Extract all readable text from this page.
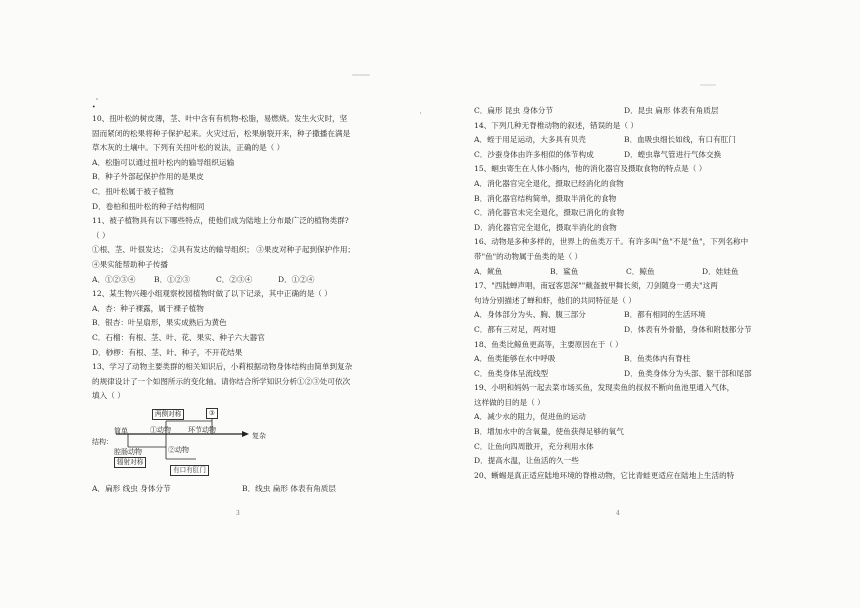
•
10、扭叶松的树皮薄，茎、叶中含有有机物-松脂，易燃烧。发生火灾时，坚
固而紧闭的松果将种子保护起来。火灾过后，松果崩裂开来，种子撒播在满是
草木灰的土壤中。下列有关扭叶松的说法，正确的是（ ）
A．松脂可以通过扭叶松内的输导组织运输
B．种子外部起保护作用的是果皮
C．扭叶松属于被子植物
D．卷柏和扭叶松的种子结构相同
11、被子植物具有以下哪些特点，使他们成为陆地上分布最广泛的植物类群?
（ ）
①根、茎、叶很发达； ②具有发达的输导组织； ③果皮对种子起到保护作用；
④果实能帮助种子传播
A．①②③④	B．①②③	C．②③④	D．①②④
12、某生物兴趣小组观察校园植物时做了以下记录，其中正确的是（ ）
A．杏：种子裸露，属于裸子植物
B．银杏：叶呈扇形，果实成熟后为黄色
C．石榴：有根、茎、叶、花、果实、种子六大器官
D．桫椤：有根、茎、叶、种子，不开花结果
13、学习了动物主要类群的相关知识后，小莉根据动物身体结构由简单到复杂
的规律设计了一个如图所示的变化轴。请你结合所学知识分析①②③处可依次
填入（ ）
结构：
简单
复杂
两侧对称	③
①动物 环节动物
腔肠动物	②动物
辐射对称
有口有肛门
A．扁形 线虫 身体分节	B．线虫 扁形 体表有角质层
3
C．扁形 昆虫 身体分节	D．昆虫 扁形 体表有角质层
14、下列几种无脊椎动物的叙述，错误的是（ ）
A．蛭于用足运动，大多具有贝壳	B．血吸虫细长如线，有口有肛门
C．沙蚕身体由许多相似的体节构成	D．蝗虫靠气管进行气体交换
15、蛔虫寄生在人体小肠内，他的消化器官及摄取食物的特点是（ ）
A．消化器官完全退化，摄取已经消化的食物
B．消化器官结构简单，摄取半消化的食物
C．消化器官未完全退化，摄取已消化的食物
D．消化器官完全退化，摄取半消化的食物
16、动物是多种多样的，世界上的鱼类万千。有许多叫"鱼"不是"鱼"，下列名称中
带"鱼"的动物属于鱼类的是（ ）
A．鱿鱼	B．鲨鱼	C．鲸鱼	D．娃娃鱼
17、"西陆蝉声唱，南冠客思深""戴盔披甲舞长须，刀剑随身一勇夫"这两
句诗分别描述了蝉和虾，他们的共同特征是（ ）
A．身体部分为头、胸、腹三部分	B．都有相同的生活环境
C．都有三对足，两对翅	D．体表有外骨骼，身体和附肢都分节
18、鱼类比鲸鱼更高等，主要原因在于（ ）
A．鱼类能够在水中呼吸	B．鱼类体内有脊柱
C．鱼类身体呈流线型	D．鱼类身体分为头部、躯干部和尾部
19、小明和妈妈一起去菜市场买鱼，发现卖鱼的叔叔不断向鱼池里通入气体，
这样做的目的是（ ）
A．减少水的阻力，促进鱼的运动
B．增加水中的含氧量，使鱼获得足够的氧气
C．让鱼向四周散开，充分利用水体
D．提高水温，让鱼活的久一些
20、蜥蜴是真正适应陆地环境的脊椎动物，它比青蛙更适应在陆地上生活的特
4
